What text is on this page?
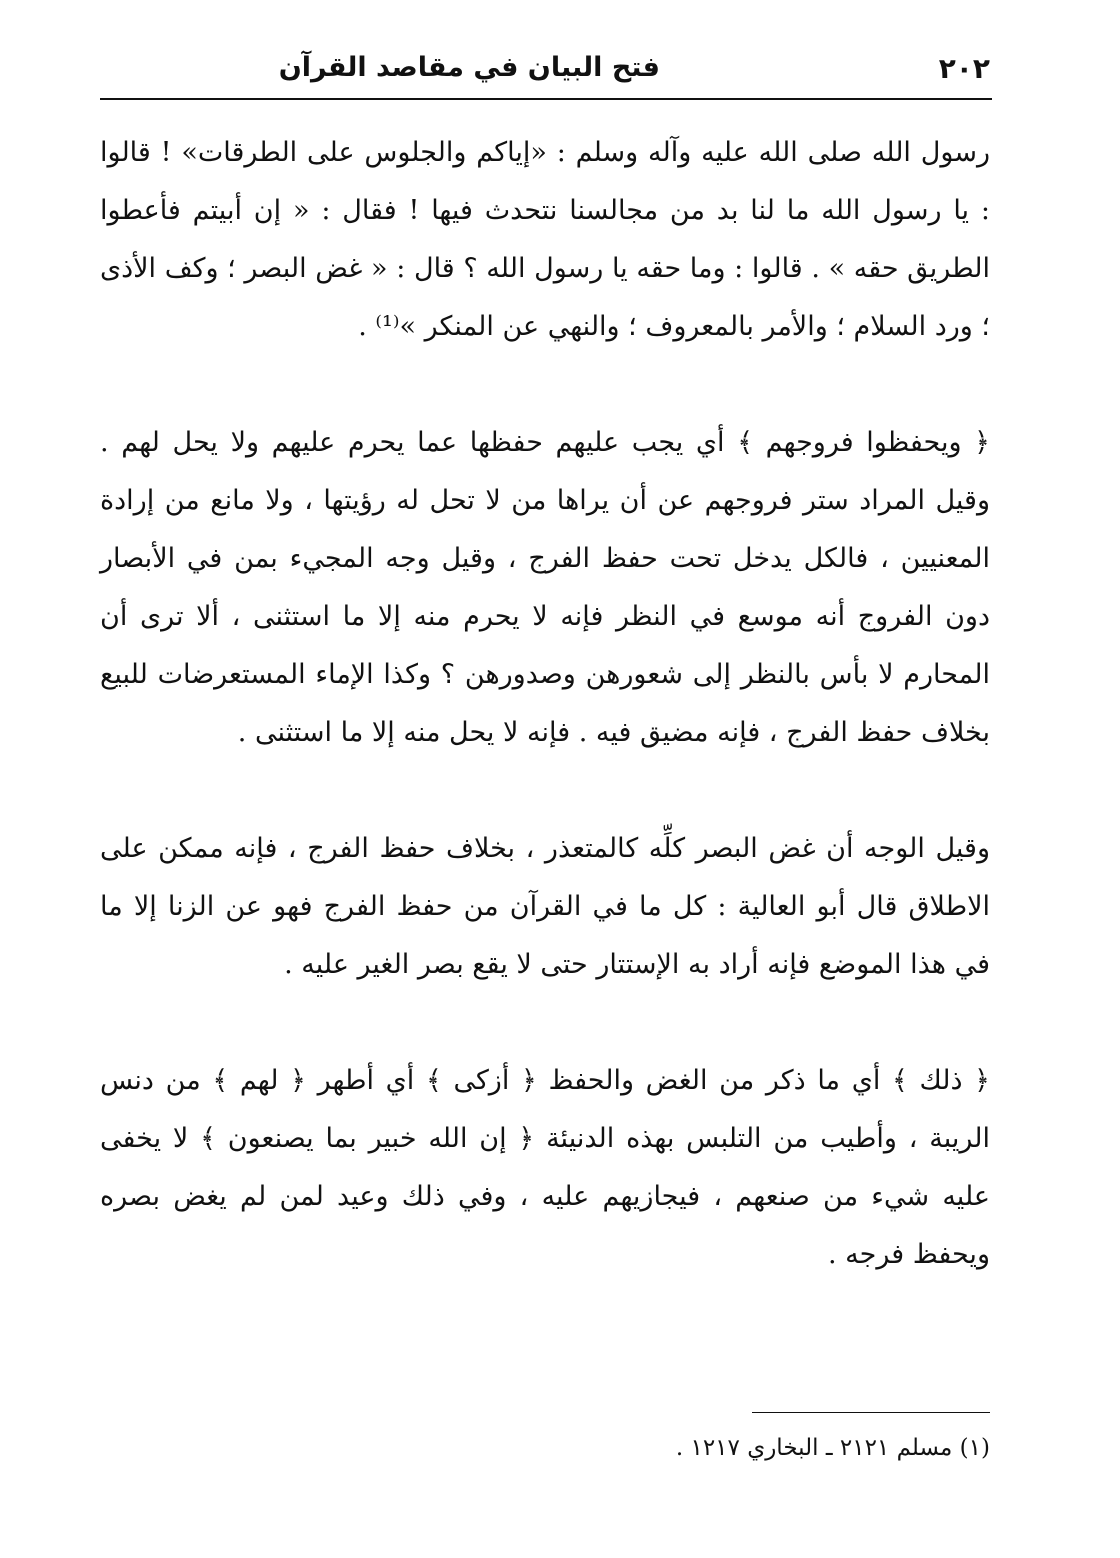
٢٠٢
فتح البيان في مقاصد القرآن

رسول الله صلى الله عليه وآله وسلم : «إياكم والجلوس على الطرقات» ! قالوا : يا رسول الله ما لنا بد من مجالسنا نتحدث فيها ! فقال : « إن أبيتم فأعطوا الطريق حقه » . قالوا : وما حقه يا رسول الله ؟ قال : « غض البصر ؛ وكف الأذى ؛ ورد السلام ؛ والأمر بالمعروف ؛ والنهي عن المنكر »⁽¹⁾ .

﴿ ويحفظوا فروجهم ﴾ أي يجب عليهم حفظها عما يحرم عليهم ولا يحل لهم . وقيل المراد ستر فروجهم عن أن يراها من لا تحل له رؤيتها ، ولا مانع من إرادة المعنيين ، فالكل يدخل تحت حفظ الفرج ، وقيل وجه المجيء بمن في الأبصار دون الفروج أنه موسع في النظر فإنه لا يحرم منه إلا ما استثنى ، ألا ترى أن المحارم لا بأس بالنظر إلى شعورهن وصدورهن ؟ وكذا الإماء المستعرضات للبيع بخلاف حفظ الفرج ، فإنه مضيق فيه . فإنه لا يحل منه إلا ما استثنى .

وقيل الوجه أن غض البصر كلِّه كالمتعذر ، بخلاف حفظ الفرج ، فإنه ممكن على الاطلاق قال أبو العالية : كل ما في القرآن من حفظ الفرج فهو عن الزنا إلا ما في هذا الموضع فإنه أراد به الإستتار حتى لا يقع بصر الغير عليه .

﴿ ذلك ﴾ أي ما ذكر من الغض والحفظ ﴿ أزكى ﴾ أي أطهر ﴿ لهم ﴾ من دنس الريبة ، وأطيب من التلبس بهذه الدنيئة ﴿ إن الله خبير بما يصنعون ﴾ لا يخفى عليه شيء من صنعهم ، فيجازيهم عليه ، وفي ذلك وعيد لمن لم يغض بصره ويحفظ فرجه .

(١) مسلم ٢١٢١ ـ البخاري ١٢١٧ .
